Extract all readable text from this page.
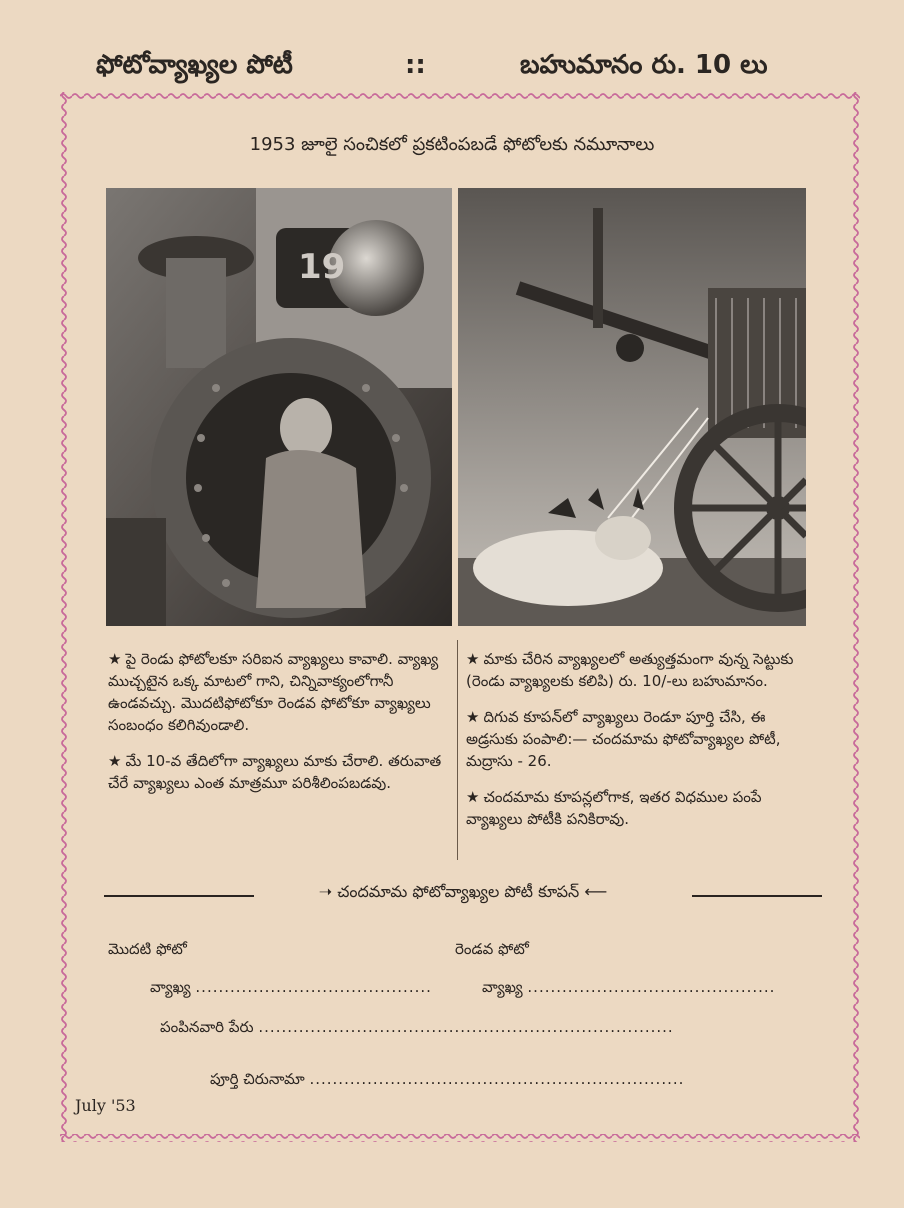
ఫోటోవ్యాఖ్యల పోటీ	::	బహుమానం రు. 10 లు
1953 జూలై సంచికలో ప్రకటింపబడే ఫోటోలకు నమూనాలు
19

★ పై రెండు ఫోటోలకూ సరిఐన వ్యాఖ్యలు కావాలి. వ్యాఖ్య ముచ్చటైన ఒక్క మాటలో గాని, చిన్నివాక్యంలోగానీ ఉండవచ్చు. మొదటిఫోటోకూ రెండవ ఫోటోకూ వ్యాఖ్యలు సంబంధం కలిగివుండాలి.

★ మే 10-వ తేదిలోగా వ్యాఖ్యలు మాకు చేరాలి. తరువాత చేరే వ్యాఖ్యలు ఎంత మాత్రమూ పరిశీలింపబడవు.

★ మాకు చేరిన వ్యాఖ్యలలో అత్యుత్తమంగా వున్న సెట్టుకు (రెండు వ్యాఖ్యలకు కలిపి) రు. 10/-లు బహుమానం.

★ దిగువ కూపన్‌లో వ్యాఖ్యలు రెండూ పూర్తి చేసి, ఈ అడ్రసుకు పంపాలి:— చందమామ ఫోటోవ్యాఖ్యల పోటీ, మద్రాసు - 26.

★ చందమామ కూపన్లలోగాక, ఇతర విధముల పంపే వ్యాఖ్యలు పోటీకి పనికిరావు.

➝ చందమామ ఫోటోవ్యాఖ్యల పోటీ కూపన్ ⟵
మొదటి ఫోటో	రెండవ ఫోటో
వ్యాఖ్య .........................................	వ్యాఖ్య ...........................................
పంపినవారి పేరు ........................................................................
పూర్తి చిరునామా .................................................................
July '53
